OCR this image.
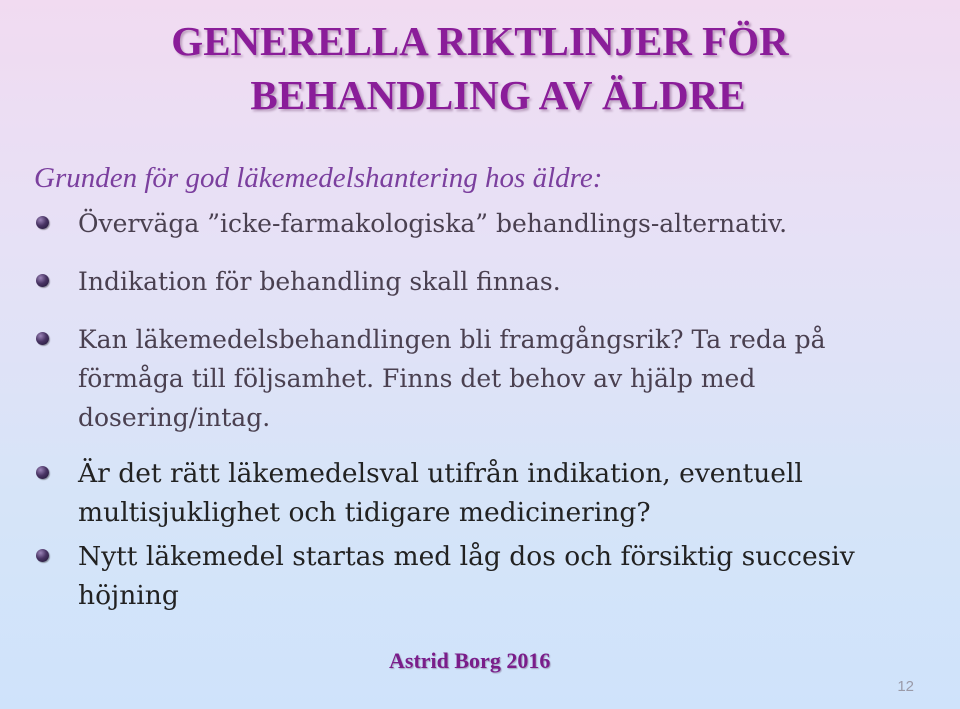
GENERELLA RIKTLINJER FÖR
BEHANDLING AV ÄLDRE

Grunden för god läkemedelshantering hos äldre:

Överväga ”icke-farmakologiska” behandlings-alternativ.
Indikation för behandling skall finnas.
Kan läkemedelsbehandlingen bli framgångsrik? Ta reda på förmåga till följsamhet. Finns det behov av hjälp med dosering/intag.
Är det rätt läkemedelsval utifrån indikation, eventuell multisjuklighet och tidigare medicinering?
Nytt läkemedel startas med låg dos och försiktig succesiv höjning

Astrid Borg 2016

12
